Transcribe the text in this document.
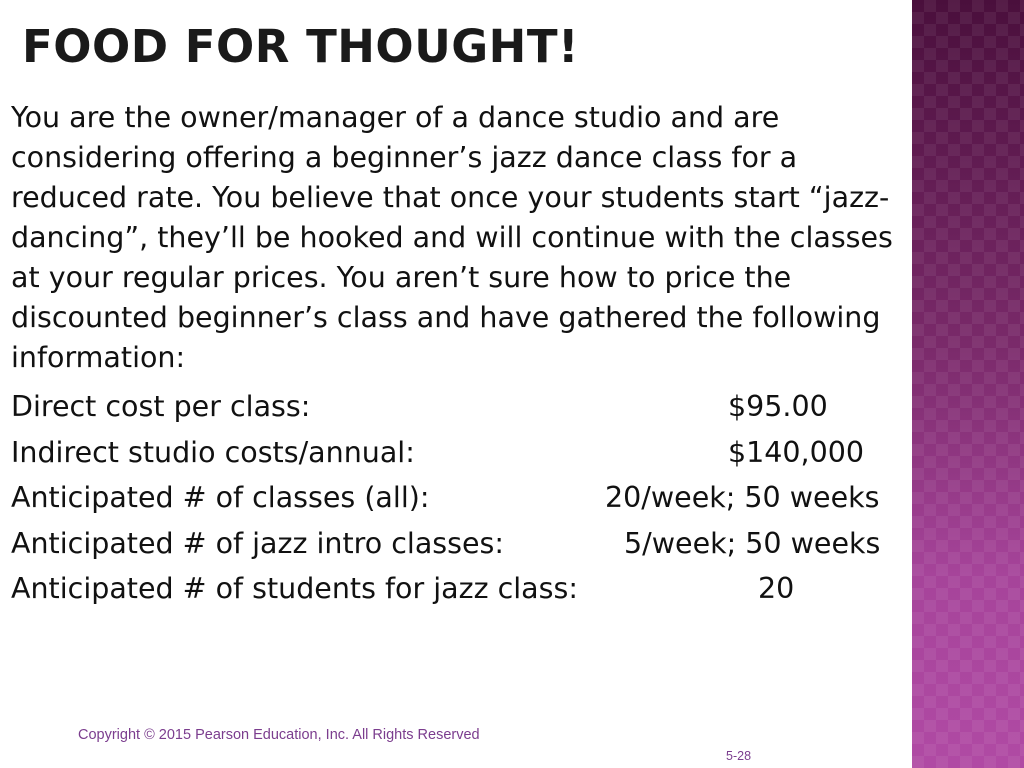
FOOD FOR THOUGHT!

You are the owner/manager of a dance studio and are considering offering a beginner’s jazz dance class for a reduced rate. You believe that once your students start “jazz-dancing”, they’ll be hooked and will continue with the classes at your regular prices. You aren’t sure how to price the discounted beginner’s class and have gathered the following information:

Direct cost per class:	$95.00
Indirect studio costs/annual:	$140,000
Anticipated # of classes (all):	20/week; 50 weeks
Anticipated # of jazz intro classes:	5/week; 50 weeks
Anticipated # of students for jazz class:	20
Copyright © 2015 Pearson Education, Inc. All Rights Reserved
5-28
